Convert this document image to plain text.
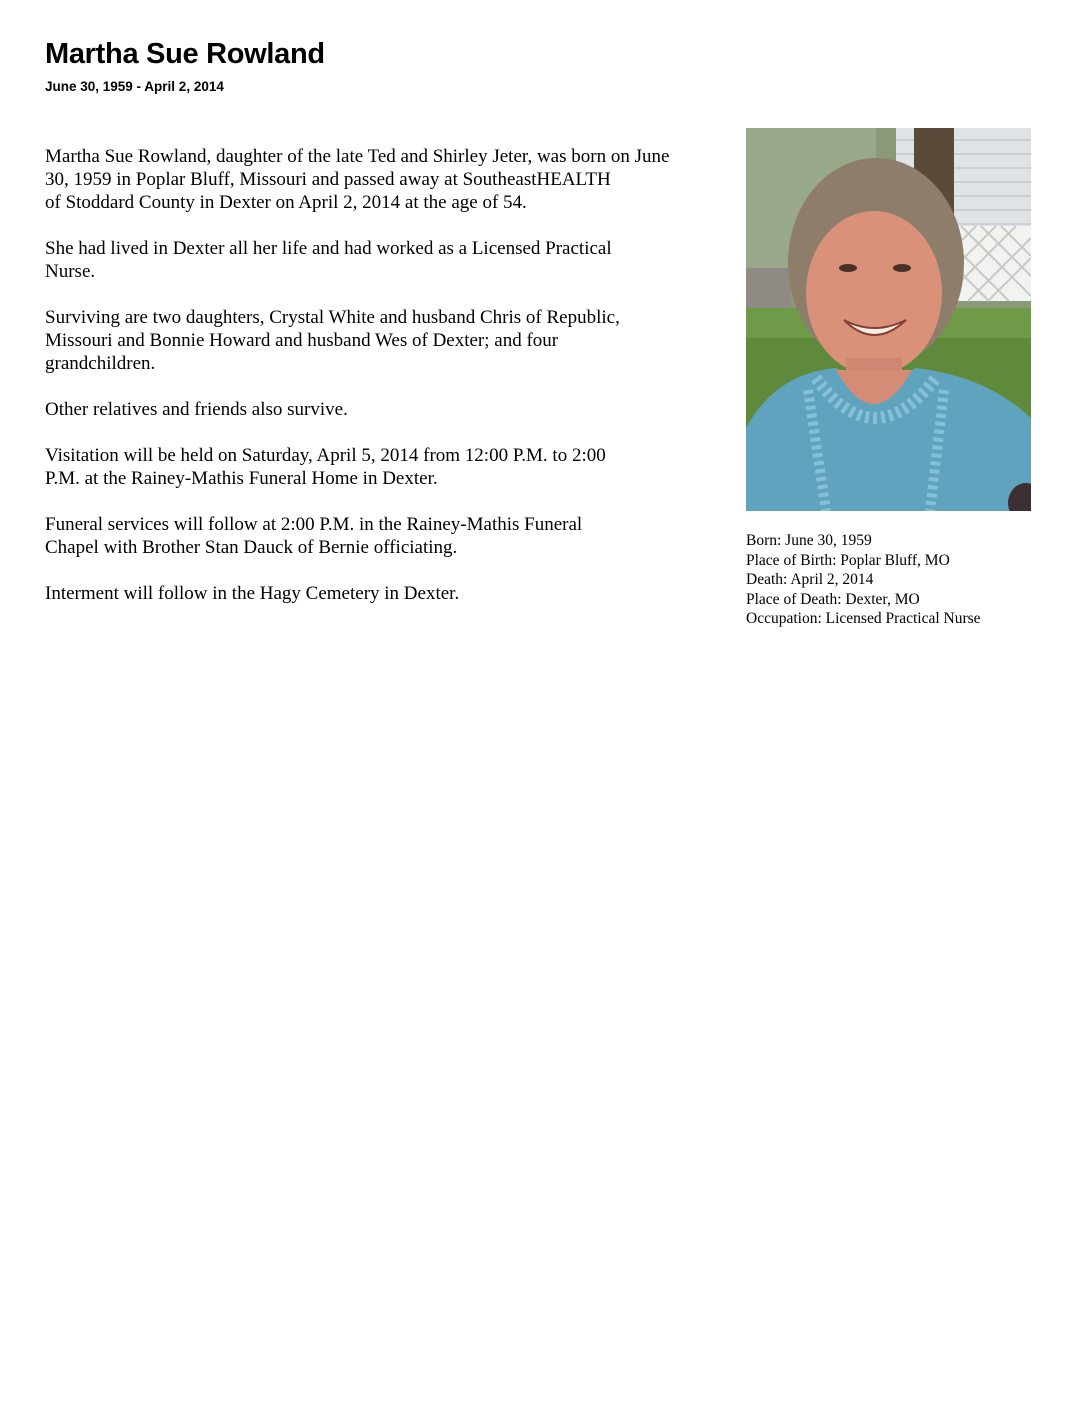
Martha Sue Rowland
June 30, 1959 - April 2, 2014

Martha Sue Rowland, daughter of the late Ted and Shirley Jeter, was born on June
30, 1959 in Poplar Bluff, Missouri and passed away at SoutheastHEALTH
of Stoddard County in Dexter on April 2, 2014 at the age of 54.

She had lived in Dexter all her life and had worked as a Licensed Practical
Nurse.

Surviving are two daughters, Crystal White and husband Chris of Republic,
Missouri and Bonnie Howard and husband Wes of Dexter; and four
grandchildren.

Other relatives and friends also survive.

Visitation will be held on Saturday, April 5, 2014 from 12:00 P.M. to 2:00
P.M. at the Rainey-Mathis Funeral Home in Dexter.

Funeral services will follow at 2:00 P.M. in the Rainey-Mathis Funeral
Chapel with Brother Stan Dauck of Bernie officiating.

Interment will follow in the Hagy Cemetery in Dexter.

Born: June 30, 1959
Place of Birth: Poplar Bluff, MO
Death: April 2, 2014
Place of Death: Dexter, MO
Occupation: Licensed Practical Nurse
